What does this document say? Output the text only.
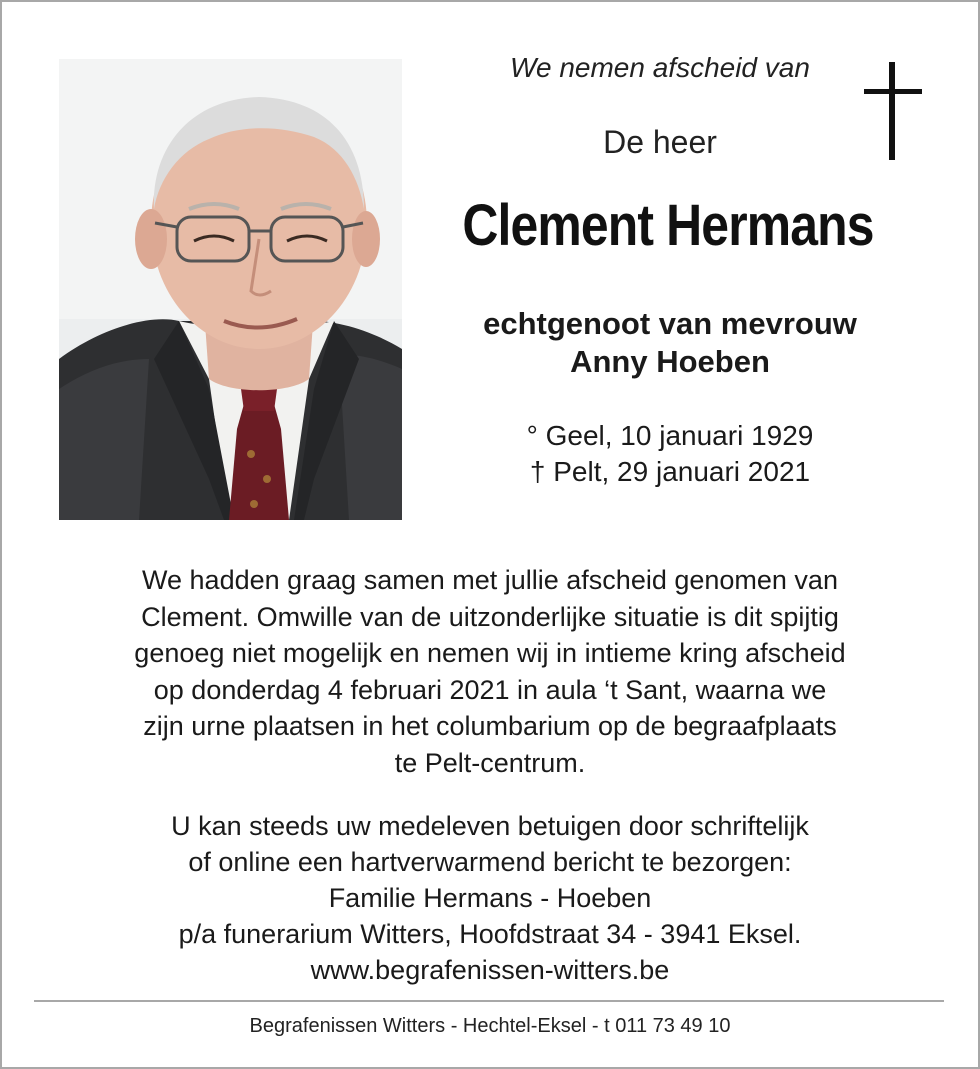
We nemen afscheid van
De heer
Clement Hermans
echtgenoot van mevrouw
Anny Hoeben
° Geel, 10 januari 1929
† Pelt, 29 januari 2021
We hadden graag samen met jullie afscheid genomen van
Clement. Omwille van de uitzonderlijke situatie is dit spijtig
genoeg niet mogelijk en nemen wij in intieme kring afscheid
op donderdag 4 februari 2021 in aula ‘t Sant, waarna we
zijn urne plaatsen in het columbarium op de begraafplaats
te Pelt-centrum.
U kan steeds uw medeleven betuigen door schriftelijk
of online een hartverwarmend bericht te bezorgen:
Familie Hermans - Hoeben
p/a funerarium Witters, Hoofdstraat 34 - 3941 Eksel.
www.begrafenissen-witters.be
Begrafenissen Witters - Hechtel-Eksel - t 011 73 49 10
